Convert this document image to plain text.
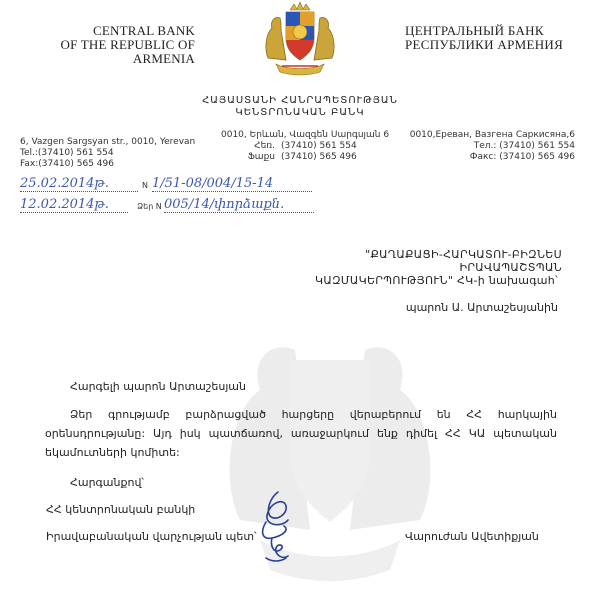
CENTRAL BANK
OF THE REPUBLIC OF ARMENIA
ЦЕНТРАЛЬНЫЙ БАНК
РЕСПУБЛИКИ АРМЕНИЯ
ՀԱՅԱՍՏԱՆԻ ՀԱՆՐԱՊԵՏՈՒԹՅԱՆ
ԿԵՆՏՐՈՆԱԿԱՆ ԲԱՆԿ
6, Vazgen Sargsyan str., 0010, Yerevan
Tel.: (37410) 561 554
Fax: (37410) 565 496
0010, Երևան, Վազգեն Սարգսյան 6
Հեռ. (37410) 561 554
Ֆաքս (37410) 565 496
0010,Ереван, Вазгена Саркисяна,6
Тел.: (37410) 561 554
Факс: (37410) 565 496
25.02.2014թ.	N 1/51-08/004/15-14
12.02.2014թ.	Ձեր N 005/14/փորձաքն.
"ՔԱՂԱՔԱՑԻ-ՀԱՐԿԱՏՈՒ-ԲԻԶՆԵՍ ԻՐԱՎԱՊԱՇՏՊԱՆ
ԿԱԶՄԱԿԵՐՊՈՒԹՅՈՒՆ" ՀԿ-ի նախագահ՝
պարոն Ա. Արտաշեսյանին
Հարգելի պարոն Արտաշեսյան
Ձեր գրությամբ բարձրացված հարցերը վերաբերում են ՀՀ հարկային
օրենսդրությանը: Այդ իսկ պատճառով, առաջարկում ենք դիմել ՀՀ ԿԱ պետական
եկամուտների կոմիտե:
Հարգանքով՝
ՀՀ կենտրոնական բանկի
Իրավաբանական վարչության պետ՝	Վարուժան Ավետիքյան
